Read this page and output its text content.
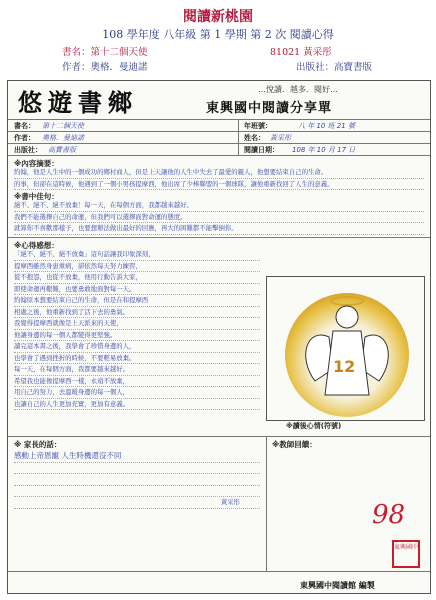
閱讀新桃園
108 學年度 八年級 第 1 學期 第 2 次 閱讀心得
書名：第十二個天使	81021 黃采彤
作者：奧格．曼迪諾	出版社：高寶書版
悠遊書鄉	…悅讀．越多．閱好…
東興國中閱讀分享單
書名： 第十二個天使	年班號：	八 年 10 班 21 號
作者： 奧格．曼迪諾	姓名： 黃采彤
出版社： 高寶書版	閱讀日期： 108 年 10 月 17 日
※內容摘要：
約翰，他是人生中的一個成功的鄉村商人，但是上天讓他的人生中失去了最愛的親人，他想要結束自己的生命。
的事，但卻在這時候，他遇到了一個小男孩提摩西，他出席了少棒聯盟的一個球隊，讓他重新找回了人生的意義。
※書中佳句：
絕不、絕不、絕不放棄！每一天，在每個方面，我都越來越好。
我們不能選擇自己的命運，但我們可以選擇面對命運的態度。
就算你不喜歡那樣子，也要想辦法做出最好的回應，再大的困難都不能擊倒你。
※心得感想：
「絕不、絕不、絕不放棄」這句話讓我印象深刻，
提摩西雖然身患重病，卻依然每天努力練習，
從不抱怨，也從不放棄，他用行動告訴大家，
即使命運再艱難，也要勇敢地面對每一天。
約翰原本想要結束自己的生命，但是在和提摩西
相處之後，他重新找到了活下去的勇氣。
我覺得提摩西就像是上天派來的天使，
他讓身邊的每一個人都變得更堅強。
讀完這本書之後，我學會了珍惜身邊的人，
也學會了遇到挫折的時候，不要輕易放棄。
每一天，在每個方面，我都要越來越好。
希望我也能像提摩西一樣，永遠不放棄，
用自己的努力，去溫暖身邊的每一個人，
也讓自己的人生更加充實，更加有意義。
12
※讀後心情(符號)
※ 家長的話：	※教師回饋：
感動上帝恩寵 人生時機還沒不同
黃采彤	98
東興國中
東興國中閱讀館 編製
